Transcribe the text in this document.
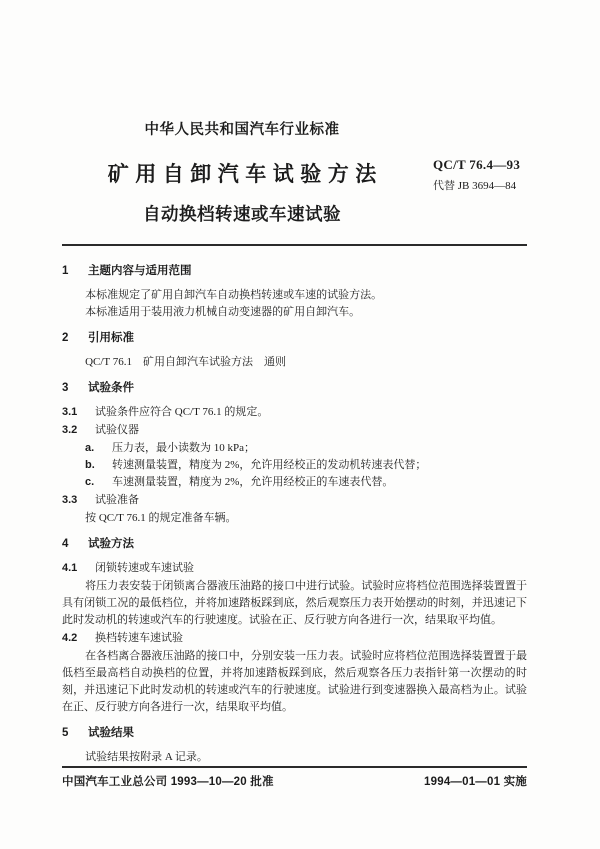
中华人民共和国汽车行业标准
矿用自卸汽车试验方法
自动换档转速或车速试验
QC/T 76.4—93
代替 JB 3694—84
1 主题内容与适用范围

本标准规定了矿用自卸汽车自动换档转速或车速的试验方法。

本标准适用于装用液力机械自动变速器的矿用自卸汽车。

2 引用标准

QC/T 76.1　矿用自卸汽车试验方法　通则

3 试验条件
3.1 试验条件应符合 QC/T 76.1 的规定。
3.2 试验仪器
a. 压力表，最小读数为 10 kPa；
b. 转速测量装置，精度为 2%，允许用经校正的发动机转速表代替；
c. 车速测量装置，精度为 2%，允许用经校正的车速表代替。
3.3 试验准备

按 QC/T 76.1 的规定准备车辆。

4 试验方法
4.1 闭锁转速或车速试验

将压力表安装于闭锁离合器液压油路的接口中进行试验。试验时应将档位范围选择装置置于具有闭锁工况的最低档位，并将加速踏板踩到底，然后观察压力表开始摆动的时刻，并迅速记下此时发动机的转速或汽车的行驶速度。试验在正、反行驶方向各进行一次，结果取平均值。

4.2 换档转速车速试验

在各档离合器液压油路的接口中，分别安装一压力表。试验时应将档位范围选择装置置于最低档至最高档自动换档的位置，并将加速踏板踩到底，然后观察各压力表指针第一次摆动的时刻，并迅速记下此时发动机的转速或汽车的行驶速度。试验进行到变速器换入最高档为止。试验在正、反行驶方向各进行一次，结果取平均值。

5 试验结果

试验结果按附录 A 记录。

中国汽车工业总公司 1993—10—20 批准	1994—01—01 实施
